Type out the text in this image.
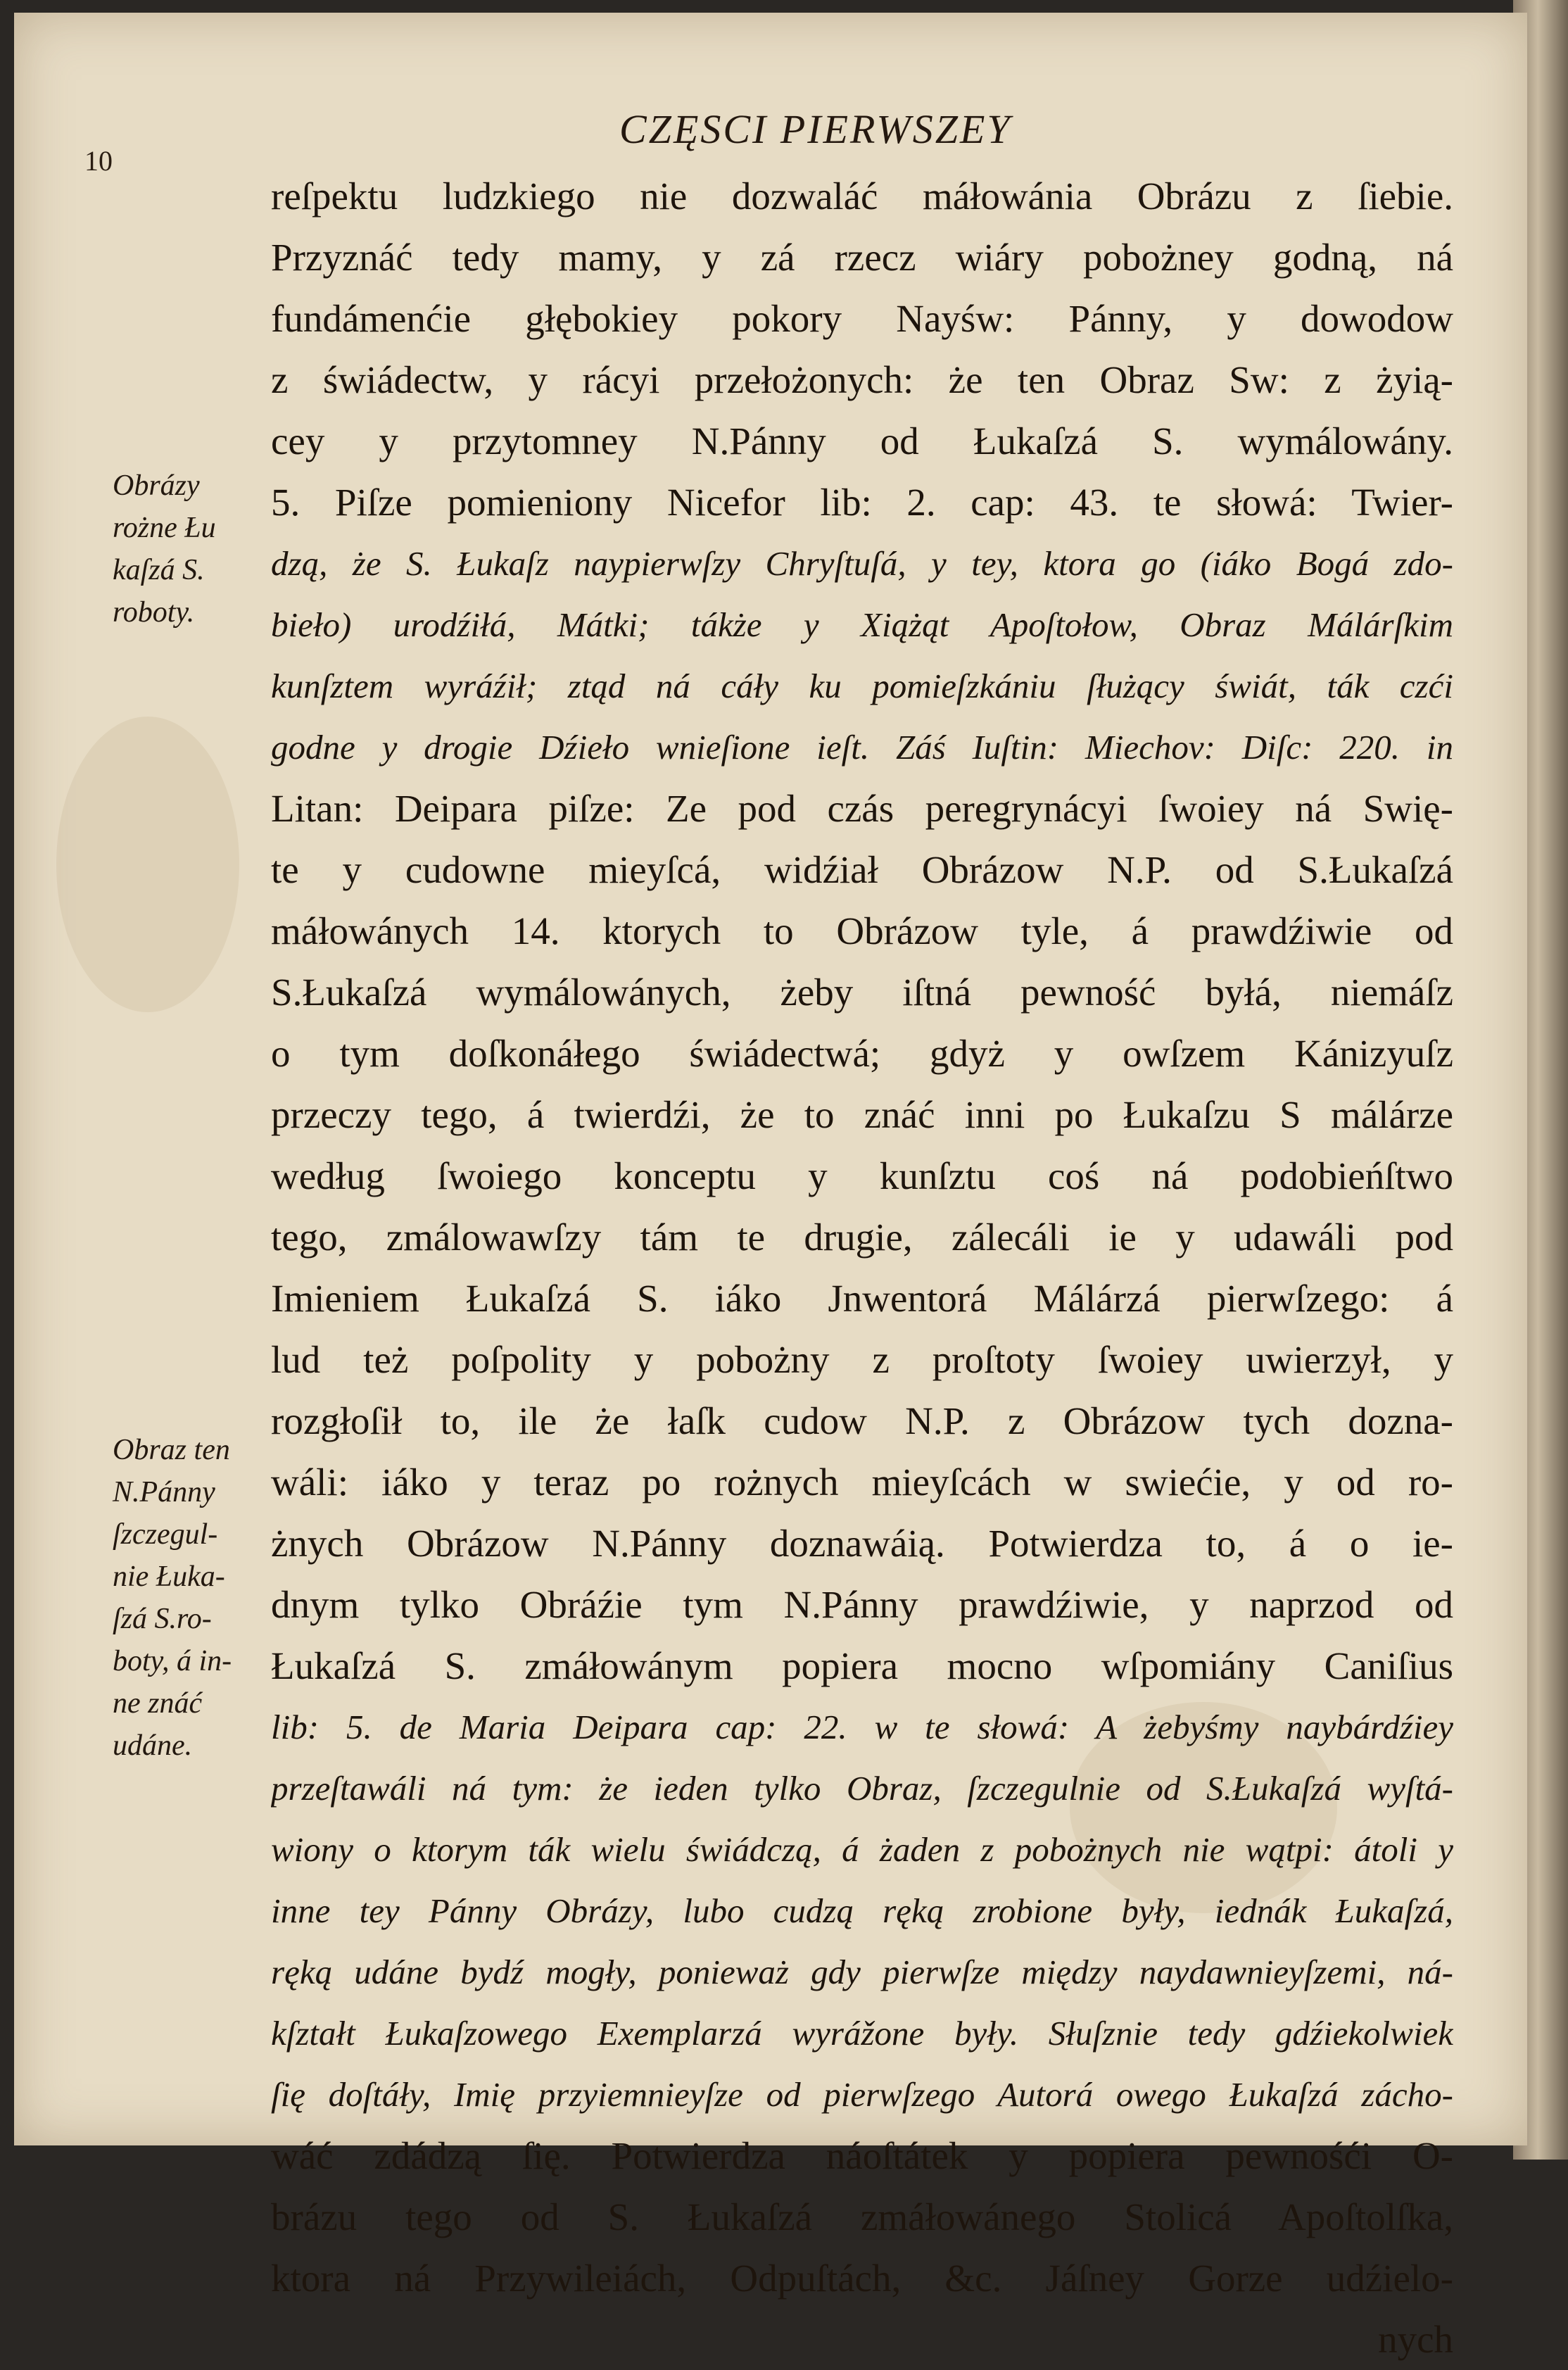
10
CZĘSCI PIERWSZEY
Obrázy
rożne Łu
kaſzá S.
roboty.
Obraz ten
N.Pánny
ſzczegul-
nie Łuka-
ſzá S.ro-
boty, á in-
ne znáć
udáne.
reſpektu ludzkiego nie dozwaláć máłowánia Obrázu z ſiebie.
Przyznáć tedy mamy, y zá rzecz wiáry pobożney godną, ná
fundámenćie głębokiey pokory Nayśw: Pánny, y dowodow
z świádectw, y rácyi przełożonych: że ten Obraz Sw: z żyią-
cey y przytomney N.Pánny od Łukaſzá S. wymálowány.
5. Piſze pomieniony Nicefor lib: 2. cap: 43. te słowá: Twier-
dzą, że S. Łukaſz naypierwſzy Chryſtuſá, y tey, ktora go (iáko Bogá zdo-
bieło) urodźiłá, Mátki; tákże y Xiążąt Apoſtołow, Obraz Málárſkim
kunſztem wyráźił; ztąd ná cáły ku pomieſzkániu ſłużący świát, ták czći
godne y drogie Dźieło wnieſione ieſt. Záś Iuſtin: Miechov: Diſc: 220. in
Litan: Deipara piſze: Ze pod czás peregrynácyi ſwoiey ná Swię-
te y cudowne mieyſcá, widźiał Obrázow N.P. od S.Łukaſzá
máłowánych 14. ktorych to Obrázow tyle, á prawdźiwie od
S.Łukaſzá wymálowánych, żeby iſtná pewność byłá, niemáſz
o tym doſkonáłego świádectwá; gdyż y owſzem Kánizyuſz
przeczy tego, á twierdźi, że to znáć inni po Łukaſzu S málárze
według ſwoiego konceptu y kunſztu coś ná podobieńſtwo
tego, zmálowawſzy tám te drugie, zálecáli ie y udawáli pod
Imieniem Łukaſzá S. iáko Jnwentorá Málárzá pierwſzego: á
lud też poſpolity y pobożny z proſtoty ſwoiey uwierzył, y
rozgłoſił to, ile że łaſk cudow N.P. z Obrázow tych dozna-
wáli: iáko y teraz po rożnych mieyſcách w swiećie, y od ro-
żnych Obrázow N.Pánny doznawáią. Potwierdza to, á o ie-
dnym tylko Obráźie tym N.Pánny prawdźiwie, y naprzod od
Łukaſzá S. zmáłowánym popiera mocno wſpomiány Caniſius
lib: 5. de Maria Deipara cap: 22. w te słowá: A żebyśmy naybárdźiey
przeſtawáli ná tym: że ieden tylko Obraz, ſzczegulnie od S.Łukaſzá wyſtá-
wiony o ktorym ták wielu świádczą, á żaden z pobożnych nie wątpi: átoli y
inne tey Pánny Obrázy, lubo cudzą ręką zrobione były, iednák Łukaſzá,
ręką udáne bydź mogły, ponieważ gdy pierwſze między naydawnieyſzemi, ná-
kſztałt Łukaſzowego Exemplarzá wyrážone były. Słuſznie tedy gdźiekolwiek
ſię doſtáły, Imię przyiemnieyſze od pierwſzego Autorá owego Łukaſzá zácho-
wáć zdádzą ſię. Potwierdza náoſtátek y popiera pewnośći O-
brázu tego od S. Łukaſzá zmáłowánego Stolicá Apoſtolſka,
ktora ná Przywileiách, Odpuſtách, &c. Jáſney Gorze udźielo-
nych
